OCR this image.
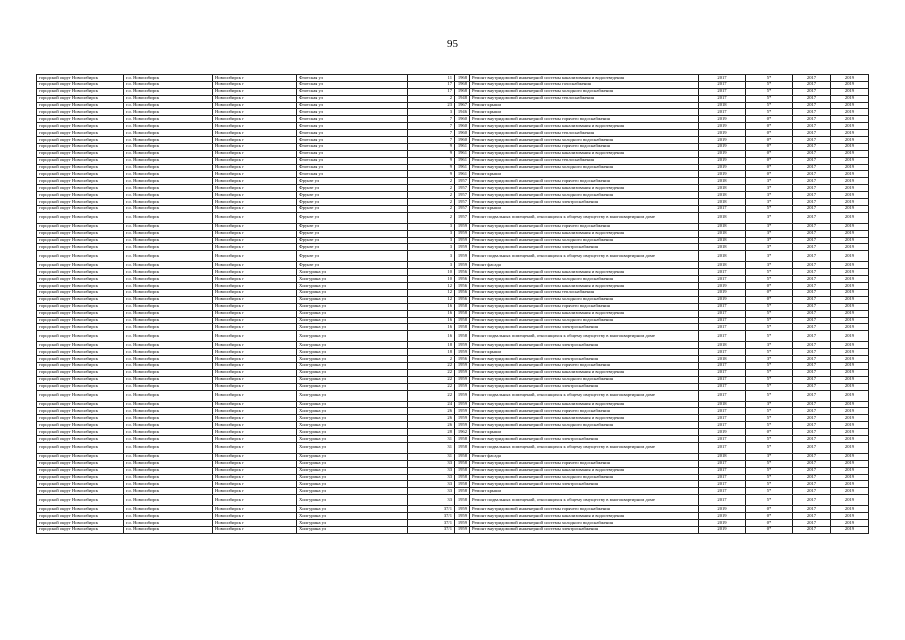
95
городской округ Новосибирск	г.о. Новосибирск	Новосибирск г	Флотская ул	11	1968	Ремонт внутридомовой инженерной системы канализования и водоотведения	2017	5*	2017	2019
городской округ Новосибирск	г.о. Новосибирск	Новосибирск г	Флотская ул	17	1968	Ремонт внутридомовой инженерной системы газоснабжения	2017	5*	2017	2019
городской округ Новосибирск	г.о. Новосибирск	Новосибирск г	Флотская ул	17	1968	Ремонт внутридомовой инженерной системы холодного водоснабжения	2017	5*	2017	2019
городской округ Новосибирск	г.о. Новосибирск	Новосибирск г	Флотская ул	2	1948	Ремонт внутридомовой инженерной системы теплоснабжения	2017	5*	2017	2019
городской округ Новосибирск	г.о. Новосибирск	Новосибирск г	Флотская ул	23	1967	Ремонт крыши	2018	5*	2017	2019
городской округ Новосибирск	г.о. Новосибирск	Новосибирск г	Флотская ул	3	1946	Ремонт крыши	2017	5*	2017	2019
городской округ Новосибирск	г.о. Новосибирск	Новосибирск г	Флотская ул	7	1960	Ремонт внутридомовой инженерной системы горячего водоснабжения	2019	0*	2017	2019
городской округ Новосибирск	г.о. Новосибирск	Новосибирск г	Флотская ул	7	1960	Ремонт внутридомовой инженерной системы канализования и водоотведения	2019	0*	2017	2019
городской округ Новосибирск	г.о. Новосибирск	Новосибирск г	Флотская ул	7	1960	Ремонт внутридомовой инженерной системы теплоснабжения	2019	0*	2017	2019
городской округ Новосибирск	г.о. Новосибирск	Новосибирск г	Флотская ул	7	1960	Ремонт внутридомовой инженерной системы холодного водоснабжения	2019	0*	2017	2019
городской округ Новосибирск	г.о. Новосибирск	Новосибирск г	Флотская ул	9	1961	Ремонт внутридомовой инженерной системы горячего водоснабжения	2019	0*	2017	2019
городской округ Новосибирск	г.о. Новосибирск	Новосибирск г	Флотская ул	9	1961	Ремонт внутридомовой инженерной системы канализования и водоотведения	2019	0*	2017	2019
городской округ Новосибирск	г.о. Новосибирск	Новосибирск г	Флотская ул	9	1961	Ремонт внутридомовой инженерной системы теплоснабжения	2019	0*	2017	2019
городской округ Новосибирск	г.о. Новосибирск	Новосибирск г	Флотская ул	9	1961	Ремонт внутридомовой инженерной системы холодного водоснабжения	2019	0*	2017	2019
городской округ Новосибирск	г.о. Новосибирск	Новосибирск г	Флотская ул	9	1961	Ремонт крыши	2019	0*	2017	2019
городской округ Новосибирск	г.о. Новосибирск	Новосибирск г	Фрунзе ул	2	1957	Ремонт внутридомовой инженерной системы горячего водоснабжения	2018	3*	2017	2019
городской округ Новосибирск	г.о. Новосибирск	Новосибирск г	Фрунзе ул	2	1957	Ремонт внутридомовой инженерной системы канализования и водоотведения	2018	3*	2017	2019
городской округ Новосибирск	г.о. Новосибирск	Новосибирск г	Фрунзе ул	2	1957	Ремонт внутридомовой инженерной системы холодного водоснабжения	2018	3*	2017	2019
городской округ Новосибирск	г.о. Новосибирск	Новосибирск г	Фрунзе ул	2	1957	Ремонт внутридомовой инженерной системы электроснабжения	2018	3*	2017	2019
городской округ Новосибирск	г.о. Новосибирск	Новосибирск г	Фрунзе ул	2	1957	Ремонт крыши	2017	5*	2017	2019
городской округ Новосибирск	г.о. Новосибирск	Новосибирск г	Фрунзе ул	2	1957	Ремонт подвальных помещений, относящихся к общему имуществу в многоквартирном доме	2018	3*	2017	2019
городской округ Новосибирск	г.о. Новосибирск	Новосибирск г	Фрунзе ул	3	1959	Ремонт внутридомовой инженерной системы горячего водоснабжения	2018	3*	2017	2019
городской округ Новосибирск	г.о. Новосибирск	Новосибирск г	Фрунзе ул	3	1959	Ремонт внутридомовой инженерной системы канализования и водоотведения	2018	3*	2017	2019
городской округ Новосибирск	г.о. Новосибирск	Новосибирск г	Фрунзе ул	3	1959	Ремонт внутридомовой инженерной системы холодного водоснабжения	2018	3*	2017	2019
городской округ Новосибирск	г.о. Новосибирск	Новосибирск г	Фрунзе ул	3	1959	Ремонт внутридомовой инженерной системы электроснабжения	2018	3*	2017	2019
городской округ Новосибирск	г.о. Новосибирск	Новосибирск г	Фрунзе ул	3	1959	Ремонт подвальных помещений, относящихся к общему имуществу в многоквартирном доме	2018	3*	2017	2019
городской округ Новосибирск	г.о. Новосибирск	Новосибирск г	Фрунзе ул	3	1959	Ремонт фасада	2018	3*	2017	2019
городской округ Новосибирск	г.о. Новосибирск	Новосибирск г	Хилгурина ул	10	1956	Ремонт внутридомовой инженерной системы канализования и водоотведения	2017	5*	2017	2019
городской округ Новосибирск	г.о. Новосибирск	Новосибирск г	Хилгурина ул	10	1956	Ремонт внутридомовой инженерной системы холодного водоснабжения	2017	5*	2017	2019
городской округ Новосибирск	г.о. Новосибирск	Новосибирск г	Хилгурина ул	12	1956	Ремонт внутридомовой инженерной системы канализования и водоотведения	2019	0*	2017	2019
городской округ Новосибирск	г.о. Новосибирск	Новосибирск г	Хилгурина ул	12	1956	Ремонт внутридомовой инженерной системы теплоснабжения	2019	0*	2017	2019
городской округ Новосибирск	г.о. Новосибирск	Новосибирск г	Хилгурина ул	12	1956	Ремонт внутридомовой инженерной системы холодного водоснабжения	2019	0*	2017	2019
городской округ Новосибирск	г.о. Новосибирск	Новосибирск г	Хилгурина ул	16	1958	Ремонт внутридомовой инженерной системы горячего водоснабжения	2017	5*	2017	2019
городской округ Новосибирск	г.о. Новосибирск	Новосибирск г	Хилгурина ул	16	1958	Ремонт внутридомовой инженерной системы канализования и водоотведения	2017	5*	2017	2019
городской округ Новосибирск	г.о. Новосибирск	Новосибирск г	Хилгурина ул	16	1958	Ремонт внутридомовой инженерной системы холодного водоснабжения	2017	5*	2017	2019
городской округ Новосибирск	г.о. Новосибирск	Новосибирск г	Хилгурина ул	16	1958	Ремонт внутридомовой инженерной системы электроснабжения	2017	5*	2017	2019
городской округ Новосибирск	г.о. Новосибирск	Новосибирск г	Хилгурина ул	16	1958	Ремонт подвальных помещений, относящихся к общему имуществу в многоквартирном доме	2017	5*	2017	2019
городской округ Новосибирск	г.о. Новосибирск	Новосибирск г	Хилгурина ул	18	1959	Ремонт внутридомовой инженерной системы электроснабжения	2018	3*	2017	2019
городской округ Новосибирск	г.о. Новосибирск	Новосибирск г	Хилгурина ул	18	1959	Ремонт крыши	2017	5*	2017	2019
городской округ Новосибирск	г.о. Новосибирск	Новосибирск г	Хилгурина ул	2	1956	Ремонт внутридомовой инженерной системы электроснабжения	2018	3*	2017	2019
городской округ Новосибирск	г.о. Новосибирск	Новосибирск г	Хилгурина ул	22	1959	Ремонт внутридомовой инженерной системы горячего водоснабжения	2017	5*	2017	2019
городской округ Новосибирск	г.о. Новосибирск	Новосибирск г	Хилгурина ул	22	1959	Ремонт внутридомовой инженерной системы канализования и водоотведения	2017	5*	2017	2019
городской округ Новосибирск	г.о. Новосибирск	Новосибирск г	Хилгурина ул	22	1959	Ремонт внутридомовой инженерной системы холодного водоснабжения	2017	5*	2017	2019
городской округ Новосибирск	г.о. Новосибирск	Новосибирск г	Хилгурина ул	22	1959	Ремонт внутридомовой инженерной системы электроснабжения	2017	5*	2017	2019
городской округ Новосибирск	г.о. Новосибирск	Новосибирск г	Хилгурина ул	22	1959	Ремонт подвальных помещений, относящихся к общему имуществу в многоквартирном доме	2017	5*	2017	2019
городской округ Новосибирск	г.о. Новосибирск	Новосибирск г	Хилгурина ул	24	1959	Ремонт внутридомовой инженерной системы канализования и водоотведения	2018	3*	2017	2019
городской округ Новосибирск	г.о. Новосибирск	Новосибирск г	Хилгурина ул	26	1959	Ремонт внутридомовой инженерной системы горячего водоснабжения	2017	5*	2017	2019
городской округ Новосибирск	г.о. Новосибирск	Новосибирск г	Хилгурина ул	26	1959	Ремонт внутридомовой инженерной системы канализования и водоотведения	2017	5*	2017	2019
городской округ Новосибирск	г.о. Новосибирск	Новосибирск г	Хилгурина ул	26	1959	Ремонт внутридомовой инженерной системы холодного водоснабжения	2017	5*	2017	2019
городской округ Новосибирск	г.о. Новосибирск	Новосибирск г	Хилгурина ул	28	1962	Ремонт крыши	2019	0*	2017	2019
городской округ Новосибирск	г.о. Новосибирск	Новосибирск г	Хилгурина ул	31	1958	Ремонт внутридомовой инженерной системы электроснабжения	2017	5*	2017	2019
городской округ Новосибирск	г.о. Новосибирск	Новосибирск г	Хилгурина ул	31	1958	Ремонт подвальных помещений, относящихся к общему имуществу в многоквартирном доме	2017	5*	2017	2019
городской округ Новосибирск	г.о. Новосибирск	Новосибирск г	Хилгурина ул	31	1958	Ремонт фасада	2018	3*	2017	2019
городской округ Новосибирск	г.о. Новосибирск	Новосибирск г	Хилгурина ул	33	1958	Ремонт внутридомовой инженерной системы горячего водоснабжения	2017	5*	2017	2019
городской округ Новосибирск	г.о. Новосибирск	Новосибирск г	Хилгурина ул	33	1958	Ремонт внутридомовой инженерной системы канализования и водоотведения	2017	5*	2017	2019
городской округ Новосибирск	г.о. Новосибирск	Новосибирск г	Хилгурина ул	33	1958	Ремонт внутридомовой инженерной системы холодного водоснабжения	2017	5*	2017	2019
городской округ Новосибирск	г.о. Новосибирск	Новосибирск г	Хилгурина ул	33	1958	Ремонт внутридомовой инженерной системы электроснабжения	2017	5*	2017	2019
городской округ Новосибирск	г.о. Новосибирск	Новосибирск г	Хилгурина ул	33	1958	Ремонт крыши	2017	5*	2017	2019
городской округ Новосибирск	г.о. Новосибирск	Новосибирск г	Хилгурина ул	33	1958	Ремонт подвальных помещений, относящихся к общему имуществу в многоквартирном доме	2017	5*	2017	2019
городской округ Новосибирск	г.о. Новосибирск	Новосибирск г	Хилгурина ул	37/1	1959	Ремонт внутридомовой инженерной системы горячего водоснабжения	2019	0*	2017	2019
городской округ Новосибирск	г.о. Новосибирск	Новосибирск г	Хилгурина ул	37/1	1959	Ремонт внутридомовой инженерной системы канализования и водоотведения	2019	0*	2017	2019
городской округ Новосибирск	г.о. Новосибирск	Новосибирск г	Хилгурина ул	37/1	1959	Ремонт внутридомовой инженерной системы холодного водоснабжения	2019	0*	2017	2019
городской округ Новосибирск	г.о. Новосибирск	Новосибирск г	Хилгурина ул	37/1	1959	Ремонт внутридомовой инженерной системы электроснабжения	2019	0*	2017	2019
